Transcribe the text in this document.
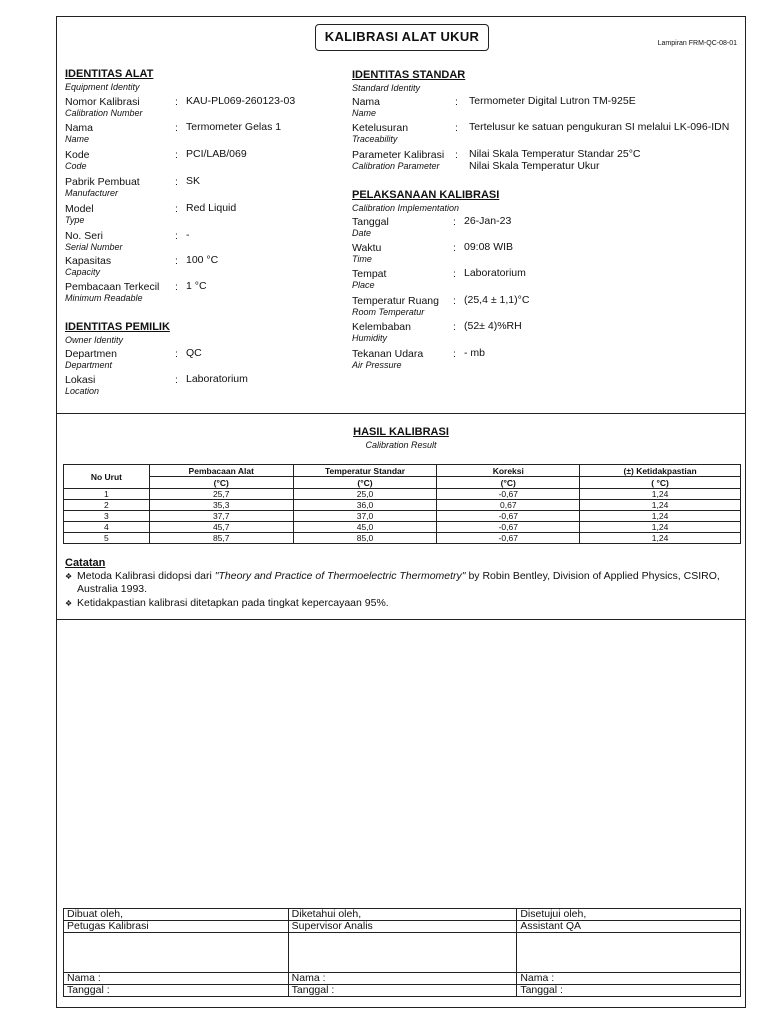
KALIBRASI ALAT UKUR	Lampiran FRM-QC-08-01
IDENTITAS ALAT
Equipment Identity
Nomor Kalibrasi
Calibration Number
: KAU-PL069-260123-03
Nama
Name
: Termometer Gelas 1
Kode
Code
: PCI/LAB/069
Pabrik Pembuat
Manufacturer
: SK
Model
Type
: Red Liquid
No. Seri
Serial Number
: -
Kapasitas
Capacity
: 100 °C
Pembacaan Terkecil
Minimum Readable
: 1 °C
IDENTITAS PEMILIK
Owner Identity
Departmen
Department
: QC
Lokasi
Location
: Laboratorium
IDENTITAS STANDAR
Standard Identity
Nama
Name
: Termometer Digital Lutron TM-925E
Ketelusuran
Traceability
: Tertelusur ke satuan pengukuran SI melalui LK-096-IDN
Parameter Kalibrasi
Calibration Parameter
: Nilai Skala Temperatur Standar 25°C
Nilai Skala Temperatur Ukur
PELAKSANAAN KALIBRASI
Calibration Implementation
Tanggal
Date
: 26-Jan-23
Waktu
Time
: 09:08 WIB
Tempat
Place
: Laboratorium
Temperatur Ruang
Room Temperatur
: (25,4 ± 1,1)°C
Kelembaban
Humidity
: (52± 4)%RH
Tekanan Udara
Air Pressure
: - mb
HASIL KALIBRASI
Calibration Result
No Urut	Pembacaan Alat	Temperatur Standar	Koreksi	(±) Ketidakpastian
	(°C)	(°C)	(°C)	( °C)
1	25,7	25,0	-0,67	1,24
2	35,3	36,0	0,67	1,24
3	37,7	37,0	-0,67	1,24
4	45,7	45,0	-0,67	1,24
5	85,7	85,0	-0,67	1,24
Catatan
❖ Metoda Kalibrasi didopsi dari "Theory and Practice of Thermoelectric Thermometry" by Robin Bentley, Division of Applied Physics, CSIRO, Australia 1993.
❖ Ketidakpastian kalibrasi ditetapkan pada tingkat kepercayaan 95%.
Dibuat oleh,	Diketahui oleh,	Disetujui oleh,
Petugas Kalibrasi	Supervisor Analis	Assistant QA

Nama :	Nama :	Nama :
Tanggal :	Tanggal :	Tanggal :
